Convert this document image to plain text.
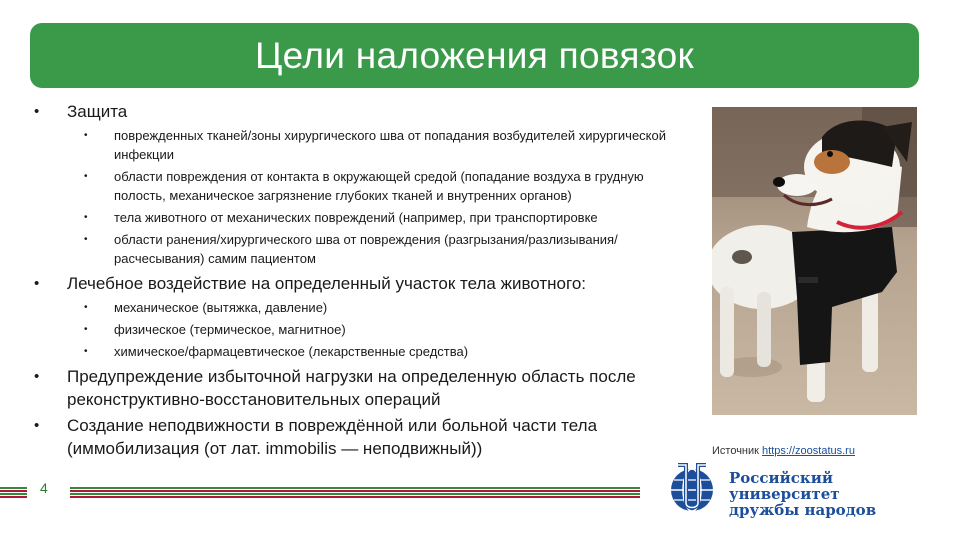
Цели наложения повязок
• Защита
• поврежденных тканей/зоны хирургического шва от попадания возбудителей хирургической инфекции
• области повреждения от контакта в окружающей средой (попадание воздуха в грудную полость, механическое загрязнение глубоких тканей и внутренних органов)
• тела животного от механических повреждений (например, при транспортировке
• области ранения/хирургического шва от повреждения (разгрызания/разлизывания/ расчесывания) самим пациентом
• Лечебное воздействие на определенный участок тела животного:
• механическое (вытяжка, давление)
• физическое (термическое, магнитное)
• химическое/фармацевтическое (лекарственные средства)
• Предупреждение избыточной нагрузки на определенную область после реконструктивно-восстановительных операций
• Создание неподвижности в повреждённой или больной части тела (иммобилизация (от лат. immobilis — неподвижный))	Источник https://zoostatus.ru
4
Российский университет
дружбы народов
